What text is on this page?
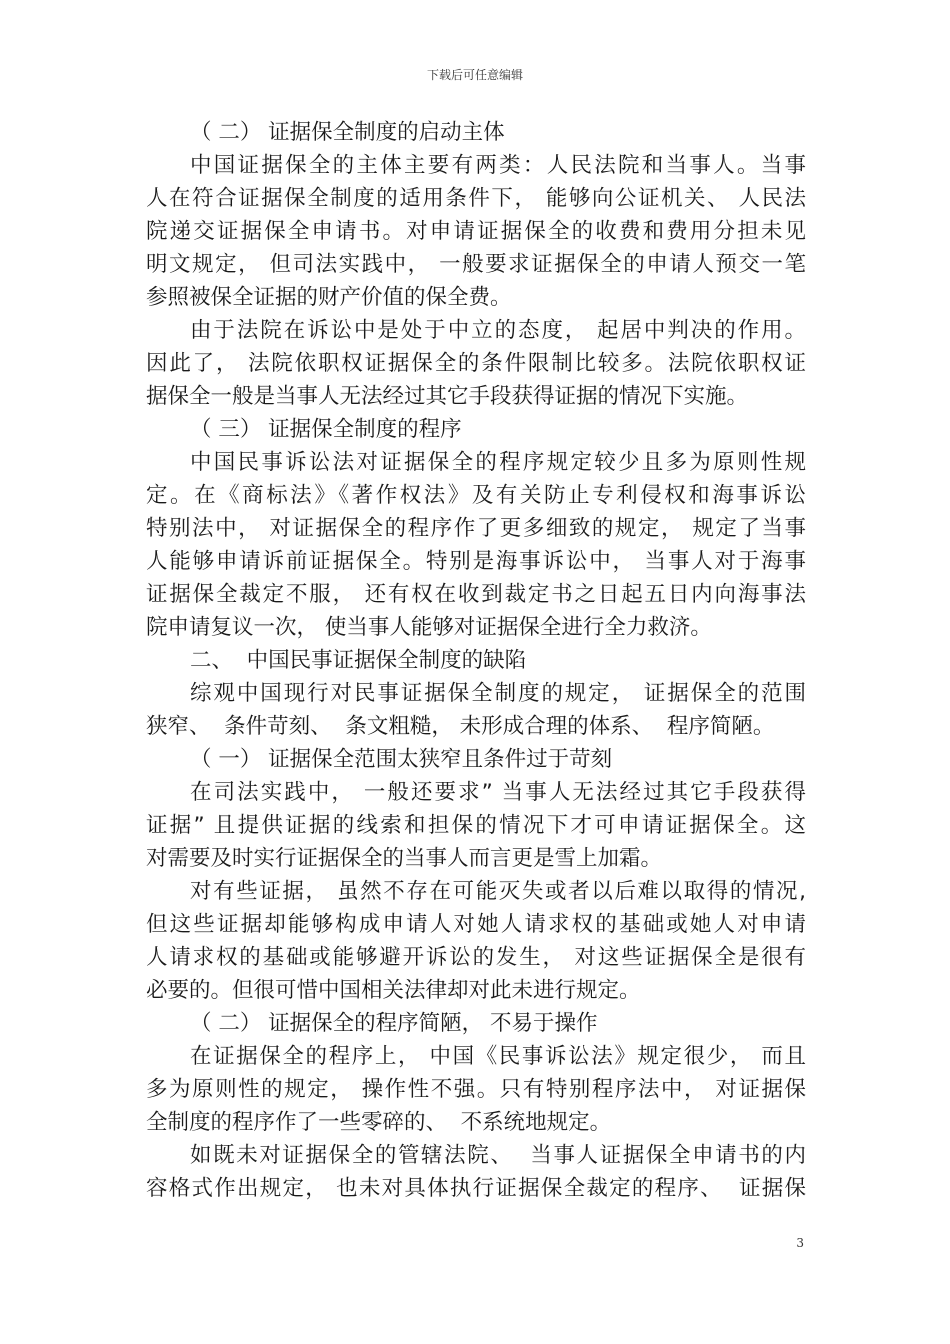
下载后可任意编辑
（ 二） 证据保全制度的启动主体
中国证据保全的主体主要有两类：人民法院和当事人。当事
人在符合证据保全制度的适用条件下， 能够向公证机关、 人民法
院递交证据保全申请书。对申请证据保全的收费和费用分担未见
明文规定， 但司法实践中， 一般要求证据保全的申请人预交一笔
参照被保全证据的财产价值的保全费。
由于法院在诉讼中是处于中立的态度， 起居中判决的作用。
因此了， 法院依职权证据保全的条件限制比较多。法院依职权证
据保全一般是当事人无法经过其它手段获得证据的情况下实施。
（ 三） 证据保全制度的程序
中国民事诉讼法对证据保全的程序规定较少且多为原则性规
定。在《商标法》《著作权法》及有关防止专利侵权和海事诉讼
特别法中， 对证据保全的程序作了更多细致的规定， 规定了当事
人能够申请诉前证据保全。特别是海事诉讼中， 当事人对于海事
证据保全裁定不服， 还有权在收到裁定书之日起五日内向海事法
院申请复议一次， 使当事人能够对证据保全进行全力救济。
二、  中国民事证据保全制度的缺陷
综观中国现行对民事证据保全制度的规定， 证据保全的范围
狭窄、  条件苛刻、  条文粗糙， 未形成合理的体系、  程序简陋。
（ 一） 证据保全范围太狭窄且条件过于苛刻
在司法实践中， 一般还要求” 当事人无法经过其它手段获得
证据” 且提供证据的线索和担保的情况下才可申请证据保全。这
对需要及时实行证据保全的当事人而言更是雪上加霜。
对有些证据， 虽然不存在可能灭失或者以后难以取得的情况,
但这些证据却能够构成申请人对她人请求权的基础或她人对申请
人请求权的基础或能够避开诉讼的发生， 对这些证据保全是很有
必要的。但很可惜中国相关法律却对此未进行规定。
（ 二） 证据保全的程序简陋， 不易于操作
在证据保全的程序上， 中国《民事诉讼法》规定很少， 而且
多为原则性的规定， 操作性不强。只有特别程序法中， 对证据保
全制度的程序作了一些零碎的、  不系统地规定。
如既未对证据保全的管辖法院、  当事人证据保全申请书的内
容格式作出规定， 也未对具体执行证据保全裁定的程序、  证据保
3
